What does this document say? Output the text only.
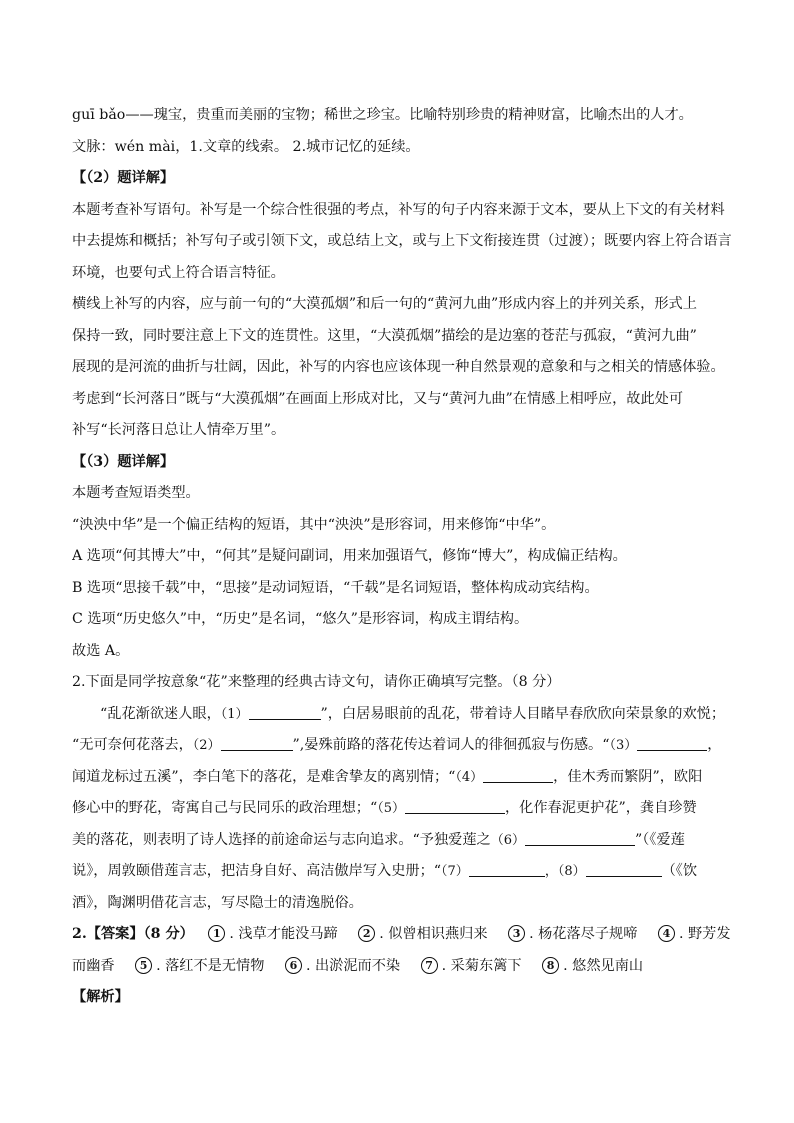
guī bǎo——瑰宝，贵重而美丽的宝物；稀世之珍宝。比喻特别珍贵的精神财富，比喻杰出的人才。
文脉：wén mài，1.文章的线索。 2.城市记忆的延续。
【（2）题详解】
本题考查补写语句。补写是一个综合性很强的考点，补写的句子内容来源于文本，要从上下文的有关材料
中去提炼和概括；补写句子或引领下文，或总结上文，或与上下文衔接连贯（过渡）；既要内容上符合语言
环境，也要句式上符合语言特征。
横线上补写的内容，应与前一句的“大漠孤烟”和后一句的“黄河九曲”形成内容上的并列关系，形式上
保持一致，同时要注意上下文的连贯性。这里，“大漠孤烟”描绘的是边塞的苍茫与孤寂，“黄河九曲”
展现的是河流的曲折与壮阔，因此，补写的内容也应该体现一种自然景观的意象和与之相关的情感体验。
考虑到“长河落日”既与“大漠孤烟”在画面上形成对比，又与“黄河九曲”在情感上相呼应，故此处可
补写“长河落日总让人情牵万里”。
【（3）题详解】
本题考查短语类型。
“泱泱中华”是一个偏正结构的短语，其中“泱泱”是形容词，用来修饰“中华”。
A 选项“何其博大”中，“何其”是疑问副词，用来加强语气，修饰“博大”，构成偏正结构。
B 选项“思接千载”中，“思接”是动词短语，“千载”是名词短语，整体构成动宾结构。
C 选项“历史悠久”中，“历史”是名词，“悠久”是形容词，构成主谓结构。
故选 A。
2.下面是同学按意象“花”来整理的经典古诗文句，请你正确填写完整。（8 分）
“乱花渐欲迷人眼，（1）	”，白居易眼前的乱花，带着诗人目睹早春欣欣向荣景象的欢悦；
“无可奈何花落去，（2）	”,晏殊前路的落花传达着词人的徘徊孤寂与伤感。“（3）	，
闻道龙标过五溪”，李白笔下的落花，是难舍挚友的离别情；“（4）	，佳木秀而繁阴”，欧阳
修心中的野花，寄寓自己与民同乐的政治理想；“（5）	，化作春泥更护花”，龚自珍赞
美的落花，则表明了诗人选择的前途命运与志向追求。“予独爱莲之（6）	”（《爱莲
说》，周敦颐借莲言志，把洁身自好、高洁傲岸写入史册；“（7）	，（8）	（《饮
酒》，陶渊明借花言志，写尽隐士的清逸脱俗。
2.【答案】（8 分） 1 . 浅草才能没马蹄 2 . 似曾相识燕归来 3 . 杨花落尽子规啼 4 . 野芳发
而幽香 5 . 落红不是无情物 6 . 出淤泥而不染 7 . 采菊东篱下 8 . 悠然见南山
【解析】
